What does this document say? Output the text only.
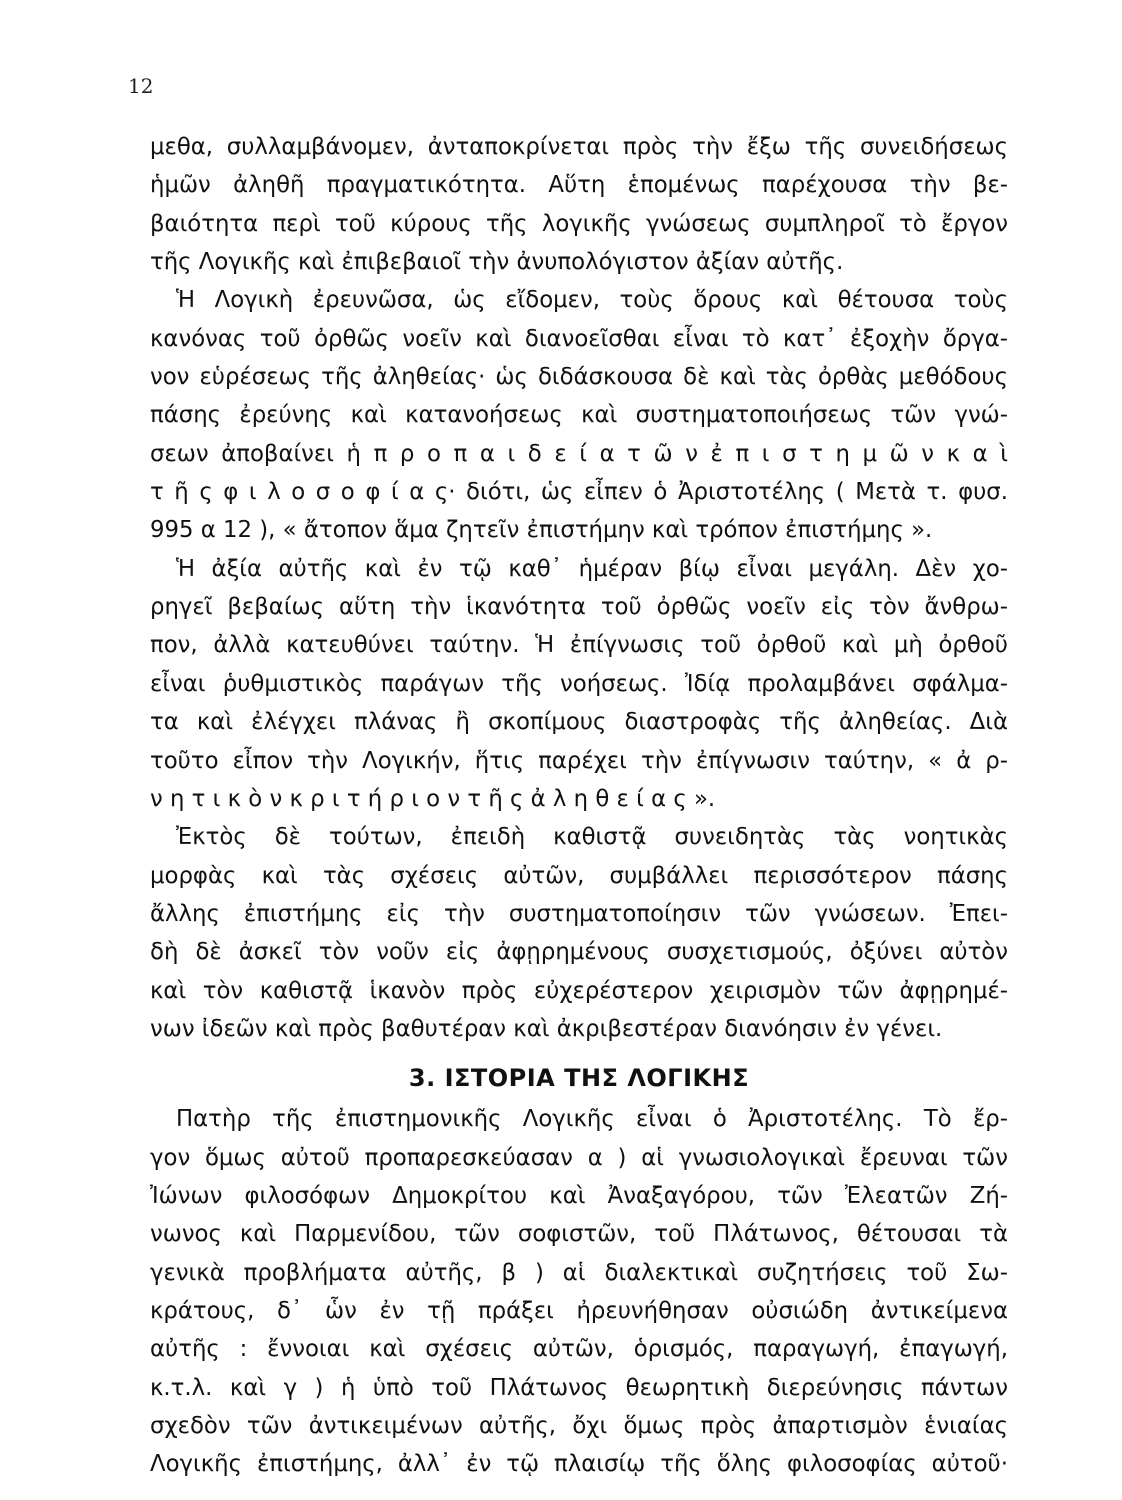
12
μεθα, συλλαμβάνομεν, ἀνταποκρίνεται πρὸς τὴν ἔξω τῆς συνειδήσεως
ἡμῶν ἀληθῆ πραγματικότητα. Αὕτη ἑπομένως παρέχουσα τὴν βε-
βαιότητα περὶ τοῦ κύρους τῆς λογικῆς γνώσεως συμπληροῖ τὸ ἔργον
τῆς Λογικῆς καὶ ἐπιβεβαιοῖ τὴν ἀνυπολόγιστον ἀξίαν αὐτῆς.
Ἡ Λογικὴ ἐρευνῶσα, ὡς εἴδομεν, τοὺς ὅρους καὶ θέτουσα τοὺς
κανόνας τοῦ ὀρθῶς νοεῖν καὶ διανοεῖσθαι εἶναι τὸ κατ᾽ ἐξοχὴν ὄργα-
νον εὑρέσεως τῆς ἀληθείας· ὡς διδάσκουσα δὲ καὶ τὰς ὀρθὰς μεθόδους
πάσης ἐρεύνης καὶ κατανοήσεως καὶ συστηματοποιήσεως τῶν γνώ-
σεων ἀποβαίνει ἡ π ρ ο π α ι δ ε ί α τ ῶ ν ἐ π ι σ τ η μ ῶ ν κ α ὶ
τ ῆ ς φ ι λ ο σ ο φ ί α ς· διότι, ὡς εἶπεν ὁ Ἀριστοτέλης ( Μετὰ τ. φυσ.
995 α 12 ), « ἄτοπον ἅμα ζητεῖν ἐπιστήμην καὶ τρόπον ἐπιστήμης ».
Ἡ ἀξία αὐτῆς καὶ ἐν τῷ καθ᾽ ἡμέραν βίῳ εἶναι μεγάλη. Δὲν χο-
ρηγεῖ βεβαίως αὕτη τὴν ἱκανότητα τοῦ ὀρθῶς νοεῖν εἰς τὸν ἄνθρω-
πον, ἀλλὰ κατευθύνει ταύτην. Ἡ ἐπίγνωσις τοῦ ὀρθοῦ καὶ μὴ ὀρθοῦ
εἶναι ῥυθμιστικὸς παράγων τῆς νοήσεως. Ἰδίᾳ προλαμβάνει σφάλμα-
τα καὶ ἐλέγχει πλάνας ἢ σκοπίμους διαστροφὰς τῆς ἀληθείας. Διὰ
τοῦτο εἶπον τὴν Λογικήν, ἥτις παρέχει τὴν ἐπίγνωσιν ταύτην, « ἀ ρ-
ν η τ ι κ ὸ ν κ ρ ι τ ή ρ ι ο ν τ ῆ ς ἀ λ η θ ε ί α ς ».
Ἐκτὸς δὲ τούτων, ἐπειδὴ καθιστᾷ συνειδητὰς τὰς νοητικὰς
μορφὰς καὶ τὰς σχέσεις αὐτῶν, συμβάλλει περισσότερον πάσης
ἄλλης ἐπιστήμης εἰς τὴν συστηματοποίησιν τῶν γνώσεων. Ἐπει-
δὴ δὲ ἀσκεῖ τὸν νοῦν εἰς ἀφῃρημένους συσχετισμούς, ὀξύνει αὐτὸν
καὶ τὸν καθιστᾷ ἱκανὸν πρὸς εὐχερέστερον χειρισμὸν τῶν ἀφῃρημέ-
νων ἰδεῶν καὶ πρὸς βαθυτέραν καὶ ἀκριβεστέραν διανόησιν ἐν γένει.
3. ΙΣΤΟΡΙΑ ΤΗΣ ΛΟΓΙΚΗΣ
Πατὴρ τῆς ἐπιστημονικῆς Λογικῆς εἶναι ὁ Ἀριστοτέλης. Τὸ ἔρ-
γον ὅμως αὐτοῦ προπαρεσκεύασαν α ) αἱ γνωσιολογικαὶ ἔρευναι τῶν
Ἰώνων φιλοσόφων Δημοκρίτου καὶ Ἀναξαγόρου, τῶν Ἐλεατῶν Ζή-
νωνος καὶ Παρμενίδου, τῶν σοφιστῶν, τοῦ Πλάτωνος, θέτουσαι τὰ
γενικὰ προβλήματα αὐτῆς, β ) αἱ διαλεκτικαὶ συζητήσεις τοῦ Σω-
κράτους, δ᾽ ὧν ἐν τῇ πράξει ἠρευνήθησαν οὐσιώδη ἀντικείμενα
αὐτῆς : ἔννοιαι καὶ σχέσεις αὐτῶν, ὁρισμός, παραγωγή, ἐπαγωγή,
κ.τ.λ. καὶ γ ) ἡ ὑπὸ τοῦ Πλάτωνος θεωρητικὴ διερεύνησις πάντων
σχεδὸν τῶν ἀντικειμένων αὐτῆς, ὄχι ὅμως πρὸς ἀπαρτισμὸν ἑνιαίας
Λογικῆς ἐπιστήμης, ἀλλ᾽ ἐν τῷ πλαισίῳ τῆς ὅλης φιλοσοφίας αὐτοῦ·
